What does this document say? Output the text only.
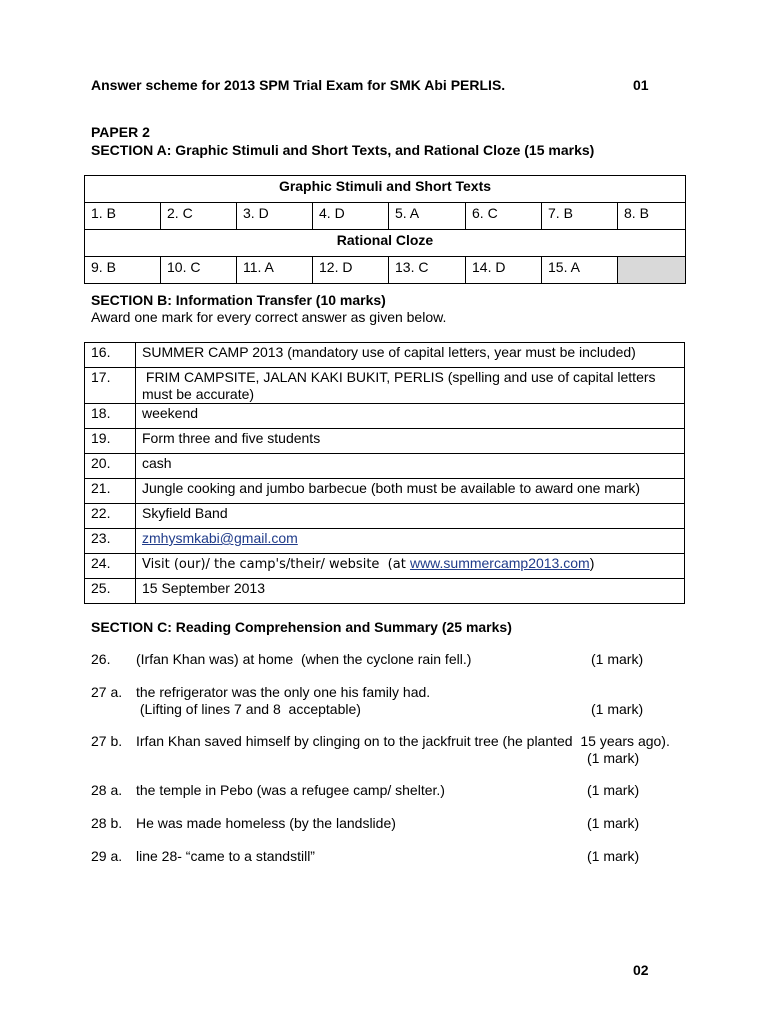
Answer scheme for 2013 SPM Trial Exam for SMK Abi PERLIS.	01
PAPER 2
SECTION A: Graphic Stimuli and Short Texts, and Rational Cloze (15 marks)
Graphic Stimuli and Short Texts							
1. B	2. C	3. D	4. D	5. A	6. C	7. B	8. B
Rational Cloze							
9. B	10. C	11. A	12. D	13. C	14. D	15. A	
SECTION B: Information Transfer (10 marks)
Award one mark for every correct answer as given below.
16.	SUMMER CAMP 2013 (mandatory use of capital letters, year must be included)
17.	FRIM CAMPSITE, JALAN KAKI BUKIT, PERLIS (spelling and use of capital letters must be accurate)
18.	weekend
19.	Form three and five students
20.	cash
21.	Jungle cooking and jumbo barbecue (both must be available to award one mark)
22.	Skyfield Band
23.	zmhysmkabi@gmail.com
24.	Visit (our)/ the camp's/their/ website  (at www.summercamp2013.com)
25.	15 September 2013
SECTION C: Reading Comprehension and Summary (25 marks)
26. (Irfan Khan was) at home  (when the cyclone rain fell.)	(1 mark)
27 a. the refrigerator was the only one his family had.
(Lifting of lines 7 and 8  acceptable)	(1 mark)
27 b. Irfan Khan saved himself by clinging on to the jackfruit tree (he planted  15 years ago).
(1 mark)
28 a. the temple in Pebo (was a refugee camp/ shelter.)	(1 mark)
28 b. He was made homeless (by the landslide)	(1 mark)
29 a. line 28- “came to a standstill”	(1 mark)
02
